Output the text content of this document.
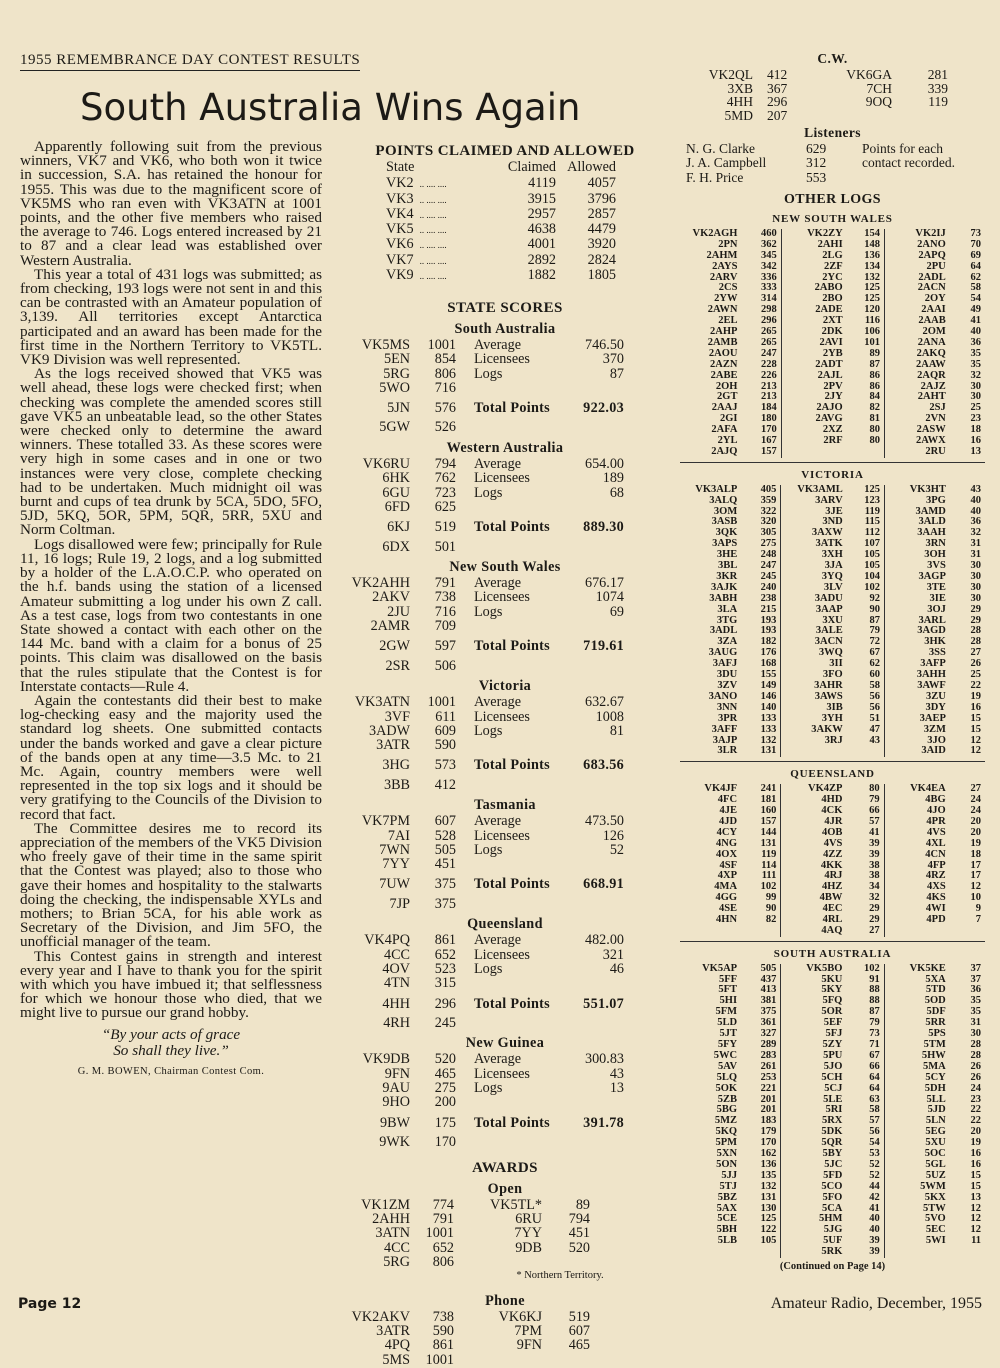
1955 REMEMBRANCE DAY CONTEST RESULTS
South Australia Wins Again

Apparently following suit from the previous winners, VK7 and VK6, who both won it twice in succession, S.A. has retained the honour for 1955. This was due to the magnificent score of VK5MS who ran even with VK3ATN at 1001 points, and the other five members who raised the average to 746. Logs entered increased by 21 to 87 and a clear lead was established over Western Australia.

This year a total of 431 logs was submitted; as from checking, 193 logs were not sent in and this can be contrasted with an Amateur population of 3,139. All territories except Antarctica participated and an award has been made for the first time in the Northern Territory to VK5TL. VK9 Division was well represented.

As the logs received showed that VK5 was well ahead, these logs were checked first; when checking was complete the amended scores still gave VK5 an unbeatable lead, so the other States were checked only to determine the award winners. These totalled 33. As these scores were very high in some cases and in one or two instances were very close, complete checking had to be undertaken. Much midnight oil was burnt and cups of tea drunk by 5CA, 5DO, 5FO, 5JD, 5KQ, 5OR, 5PM, 5QR, 5RR, 5XU and Norm Coltman.

Logs disallowed were few; principally for Rule 11, 16 logs; Rule 19, 2 logs, and a log submitted by a holder of the L.A.O.C.P. who operated on the h.f. bands using the station of a licensed Amateur submitting a log under his own Z call. As a test case, logs from two contestants in one State showed a contact with each other on the 144 Mc. band with a claim for a bonus of 25 points. This claim was disallowed on the basis that the rules stipulate that the Contest is for Interstate contacts—Rule 4.

Again the contestants did their best to make log-checking easy and the majority used the standard log sheets. One submitted contacts under the bands worked and gave a clear picture of the bands open at any time—3.5 Mc. to 21 Mc. Again, country members were well represented in the top six logs and it should be very gratifying to the Councils of the Division to record that fact.

The Committee desires me to record its appreciation of the members of the VK5 Division who freely gave of their time in the same spirit that the Contest was played; also to those who gave their homes and hospitality to the stalwarts doing the checking, the indispensable XYLs and mothers; to Brian 5CA, for his able work as Secretary of the Division, and Jim 5FO, the unofficial manager of the team.

This Contest gains in strength and interest every year and I have to thank you for the spirit with which you have imbued it; that selflessness for which we honour those who died, that we might live to pursue our grand hobby.

“By your acts of grace
So shall they live.”
G. M. BOWEN, Chairman Contest Com.
POINTS CLAIMED AND ALLOWED
State	Claimed	Allowed
VK2 .. .... ....	4119	4057
VK3 .. .... ....	3915	3796
VK4 .. .... ....	2957	2857
VK5 .. .... ....	4638	4479
VK6 .. .... ....	4001	3920
VK7 .. .... ....	2892	2824
VK9 .. .... ....	1882	1805
STATE SCORES
South Australia
VK5MS	1001	Average	746.50
5EN	854	Licensees	370
5RG	806	Logs	87
5WO	716		
5JN	576	Total Points	922.03
5GW	526		
Western Australia
VK6RU	794	Average	654.00
6HK	762	Licensees	189
6GU	723	Logs	68
6FD	625		
6KJ	519	Total Points	889.30
6DX	501		
New South Wales
VK2AHH	791	Average	676.17
2AKV	738	Licensees	1074
2JU	716	Logs	69
2AMR	709		
2GW	597	Total Points	719.61
2SR	506		
Victoria
VK3ATN	1001	Average	632.67
3VF	611	Licensees	1008
3ADW	609	Logs	81
3ATR	590		
3HG	573	Total Points	683.56
3BB	412		
Tasmania
VK7PM	607	Average	473.50
7AI	528	Licensees	126
7WN	505	Logs	52
7YY	451		
7UW	375	Total Points	668.91
7JP	375		
Queensland
VK4PQ	861	Average	482.00
4CC	652	Licensees	321
4OV	523	Logs	46
4TN	315		
4HH	296	Total Points	551.07
4RH	245		
New Guinea
VK9DB	520	Average	300.83
9FN	465	Licensees	43
9AU	275	Logs	13
9HO	200		
9BW	175	Total Points	391.78
9WK	170		
AWARDS
Open
VK1ZM	774	VK5TL*	89
2AHH	791	6RU	794
3ATN	1001	7YY	451
4CC	652	9DB	520
5RG	806		
* Northern Territory.
Phone
VK2AKV	738	VK6KJ	519
3ATR	590	7PM	607
4PQ	861	9FN	465
5MS	1001		
C.W.
VK2QL	412	VK6GA	281
3XB	367	7CH	339
4HH	296	9OQ	119
5MD	207		
Listeners
N. G. Clarke	629	Points for each
J. A. Campbell	312	contact recorded.
F. H. Price	553	
OTHER LOGS
NEW SOUTH WALES
VK2AGH	460	VK2ZY	154	VK2IJ	73
2PN	362	2AHI	148	2ANO	70
2AHM	345	2LG	136	2APQ	69
2AYS	342	2ZF	134	2PU	64
2ARV	336	2YC	132	2ADL	62
2CS	333	2ABO	125	2ACN	58
2YW	314	2BO	125	2OY	54
2AWN	298	2ADE	120	2AAI	49
2EL	296	2XT	116	2AAB	41
2AHP	265	2DK	106	2OM	40
2AMB	265	2AVI	101	2ANA	36
2AOU	247	2YB	89	2AKQ	35
2AZN	228	2ADT	87	2AAW	35
2ABE	226	2AJL	86	2AQR	32
2OH	213	2PV	86	2AJZ	30
2GT	213	2JY	84	2AHT	30
2AAJ	184	2AJO	82	2SJ	25
2GI	180	2AVG	81	2VN	23
2AFA	170	2XZ	80	2ASW	18
2YL	167	2RF	80	2AWX	16
2AJQ	157			2RU	13
VICTORIA
VK3ALP	405	VK3AML	125	VK3HT	43
3ALQ	359	3ARV	123	3PG	40
3OM	322	3JE	119	3AMD	40
3ASB	320	3ND	115	3ALD	36
3QK	305	3AXW	112	3AAH	32
3APS	275	3ATK	107	3RN	31
3HE	248	3XH	105	3OH	31
3BL	247	3JA	105	3VS	30
3KR	245	3YQ	104	3AGP	30
3AJK	240	3LV	102	3TE	30
3ABH	238	3ADU	92	3IE	30
3LA	215	3AAP	90	3OJ	29
3TG	193	3XU	87	3ARL	29
3ADL	193	3ALE	79	3AGD	28
3ZA	182	3ACN	72	3HK	28
3AUG	176	3WQ	67	3SS	27
3AFJ	168	3II	62	3AFP	26
3DU	155	3FO	60	3AHH	25
3ZV	149	3AHR	58	3AWF	22
3ANO	146	3AWS	56	3ZU	19
3NN	140	3IB	56	3DY	16
3PR	133	3YH	51	3AEP	15
3AFF	133	3AKW	47	3ZM	15
3AJP	132	3RJ	43	3JO	12
3LR	131			3AID	12
QUEENSLAND
VK4JF	241	VK4ZP	80	VK4EA	27
4FC	181	4HD	79	4BG	24
4JE	160	4CK	66	4JO	24
4JD	157	4JR	57	4PR	20
4CY	144	4OB	41	4VS	20
4NG	131	4VS	39	4XL	19
4OX	119	4ZZ	39	4CN	18
4SF	114	4KK	38	4FP	17
4XP	111	4RJ	38	4RZ	17
4MA	102	4HZ	34	4XS	12
4GG	99	4BW	32	4KS	10
4SE	90	4EC	29	4WI	9
4HN	82	4RL	29	4PD	7
		4AQ	27		
SOUTH AUSTRALIA
VK5AP	505	VK5BO	102	VK5KE	37
5FF	437	5KU	91	5XA	37
5FT	413	5KY	88	5TD	36
5HI	381	5FQ	88	5OD	35
5FM	375	5OR	87	5DF	35
5LD	361	5EF	79	5RR	31
5JT	327	5FJ	73	5PS	30
5FY	289	5ZY	71	5TM	28
5WC	283	5PU	67	5HW	28
5AV	261	5JO	66	5MA	26
5LQ	253	5CH	64	5CY	26
5OK	221	5CJ	64	5DH	24
5ZB	201	5LE	63	5LL	23
5BG	201	5RI	58	5JD	22
5MZ	183	5RX	57	5LN	22
5KQ	179	5DK	56	5EG	20
5PM	170	5QR	54	5XU	19
5XN	162	5BY	53	5OC	16
5ON	136	5JC	52	5GL	16
5JJ	135	5FD	52	5UZ	15
5TJ	132	5CO	44	5WM	15
5BZ	131	5FO	42	5KX	13
5AX	130	5CA	41	5TW	12
5CE	125	5HM	40	5VO	12
5BH	122	5JG	40	5EC	12
5LB	105	5UF	39	5WI	11
		5RK	39		
(Continued on Page 14)
Page 12	Amateur Radio, December, 1955
